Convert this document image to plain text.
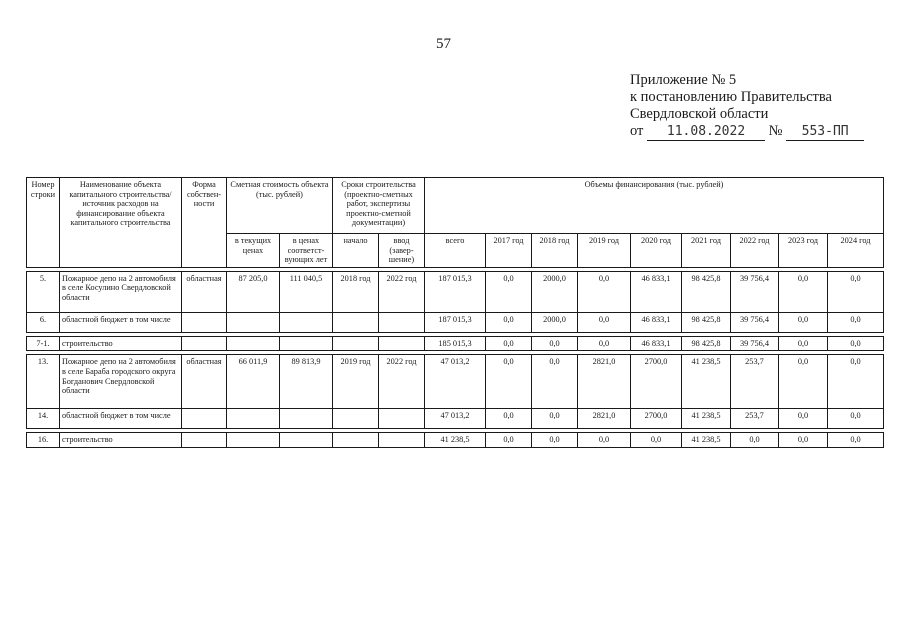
57
Приложение № 5
к постановлению Правительства
Свердловской области
от 11.08.2022 № 553-ПП
Номер строки	Наименование объекта капитального строительства/источник расходов на финансирование объекта капитального строительства	Форма собствен-ности	Сметная стоимость объекта (тыс. рублей)		Сроки строительства (проектно-сметных работ, экспертизы проектно-сметной документации)		Объемы финансирования (тыс. рублей)								
			в текущих ценах	в ценах соответст-вующих лет	начало	ввод (завер-шение)	всего	2017 год	2018 год	2019 год	2020 год	2021 год	2022 год	2023 год	2024 год

5.	Пожарное депо на 2 автомобиля в селе Косулино Свердловской области	областная	87 205,0	111 040,5	2018 год	2022 год	187 015,3	0,0	2000,0	0,0	46 833,1	98 425,8	39 756,4	0,0	0,0
6.	областной бюджет в том числе						187 015,3	0,0	2000,0	0,0	46 833,1	98 425,8	39 756,4	0,0	0,0

7-1.	строительство						185 015,3	0,0	0,0	0,0	46 833,1	98 425,8	39 756,4	0,0	0,0

13.	Пожарное депо на 2 автомобиля в селе Бараба городского округа Богданович Свердловской области	областная	66 011,9	89 813,9	2019 год	2022 год	47 013,2	0,0	0,0	2821,0	2700,0	41 238,5	253,7	0,0	0,0
14.	областной бюджет в том числе						47 013,2	0,0	0,0	2821,0	2700,0	41 238,5	253,7	0,0	0,0

16.	строительство						41 238,5	0,0	0,0	0,0	0,0	41 238,5	0,0	0,0	0,0
